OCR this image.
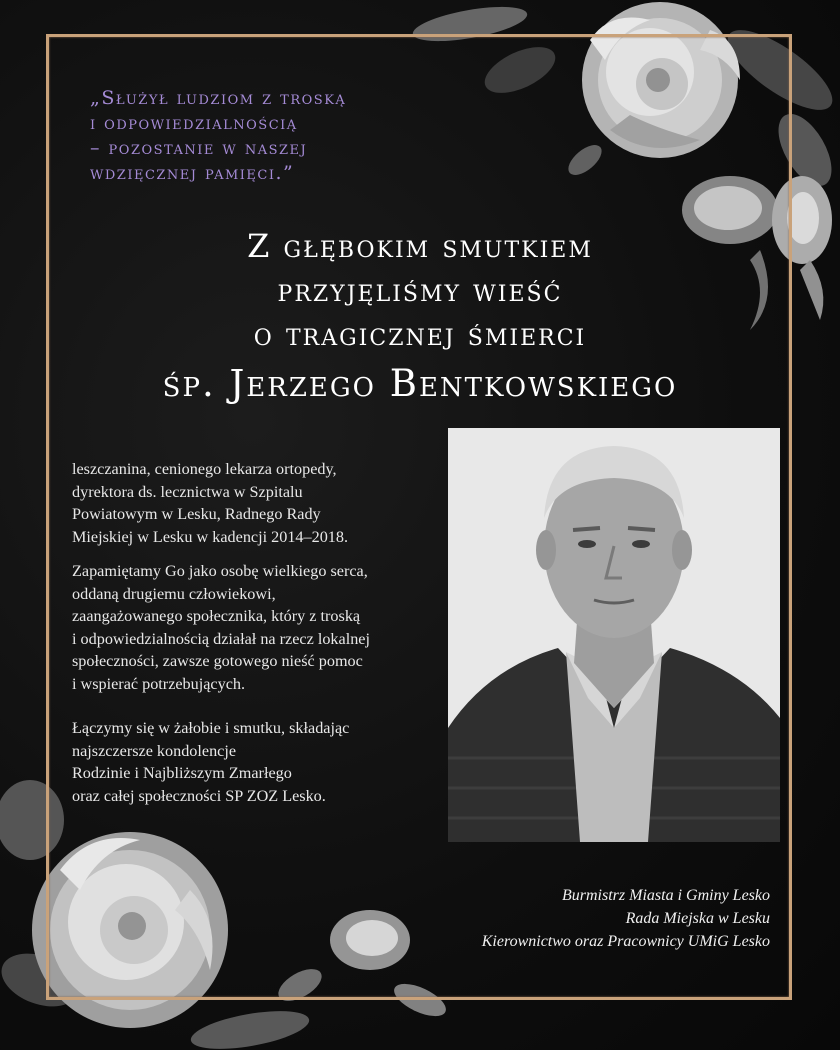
„Służył ludziom z troską
i odpowiedzialnością
– pozostanie w naszej
wdzięcznej pamięci.”
Z głębokim smutkiem
przyjęliśmy wieść
o tragicznej śmierci
śp. Jerzego Bentkowskiego

leszczanina, cenionego lekarza ortopedy,
dyrektora ds. lecznictwa w Szpitalu
Powiatowym w Lesku, Radnego Rady
Miejskiej w Lesku w kadencji 2014–2018.

Zapamiętamy Go jako osobę wielkiego serca,
oddaną drugiemu człowiekowi,
zaangażowanego społecznika, który z troską
i odpowiedzialnością działał na rzecz lokalnej
społeczności, zawsze gotowego nieść pomoc
i wspierać potrzebujących.

Łączymy się w żałobie i smutku, składając
najszczersze kondolencje
Rodzinie i Najbliższym Zmarłego
oraz całej społeczności SP ZOZ Lesko.

Burmistrz Miasta i Gminy Lesko
Rada Miejska w Lesku
Kierownictwo oraz Pracownicy UMiG Lesko
